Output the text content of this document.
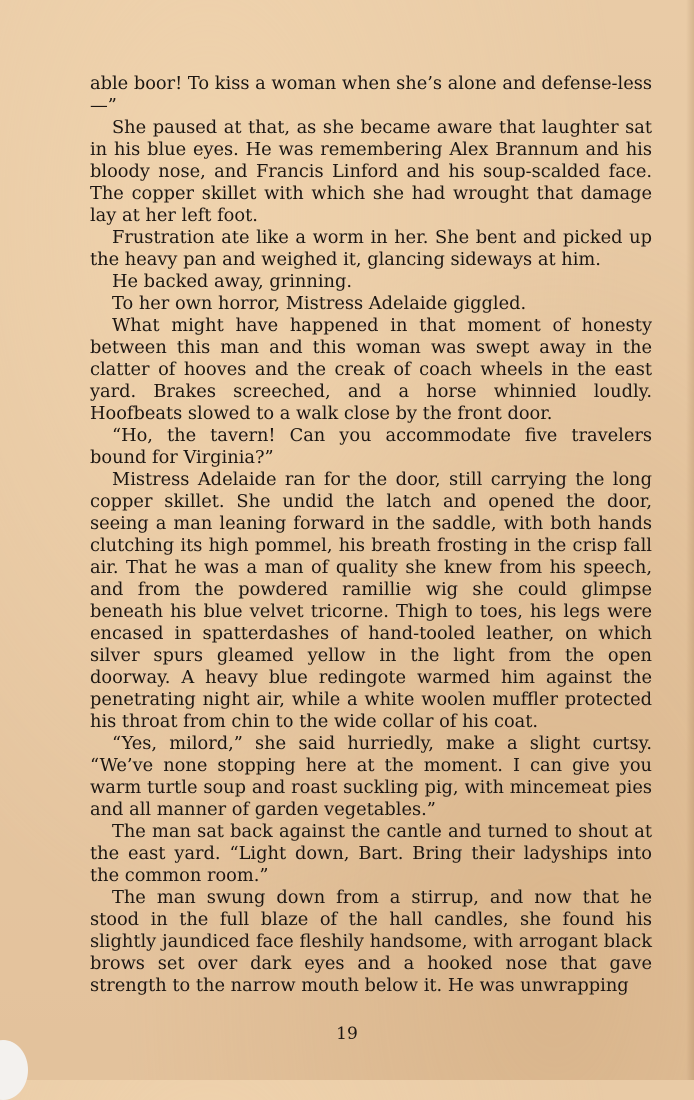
able boor! To kiss a woman when she’s alone and defense-less—”

She paused at that, as she became aware that laughter sat in his blue eyes. He was remembering Alex Brannum and his bloody nose, and Francis Linford and his soup-scalded face. The copper skillet with which she had wrought that damage lay at her left foot.

Frustration ate like a worm in her. She bent and picked up the heavy pan and weighed it, glancing sideways at him.

He backed away, grinning.

To her own horror, Mistress Adelaide giggled.

What might have happened in that moment of honesty between this man and this woman was swept away in the clatter of hooves and the creak of coach wheels in the east yard. Brakes screeched, and a horse whinnied loudly. Hoofbeats slowed to a walk close by the front door.

“Ho, the tavern! Can you accommodate five travelers bound for Virginia?”

Mistress Adelaide ran for the door, still carrying the long copper skillet. She undid the latch and opened the door, seeing a man leaning forward in the saddle, with both hands clutching its high pommel, his breath frosting in the crisp fall air. That he was a man of quality she knew from his speech, and from the powdered ramillie wig she could glimpse beneath his blue velvet tricorne. Thigh to toes, his legs were encased in spatterdashes of hand-tooled leather, on which silver spurs gleamed yellow in the light from the open doorway. A heavy blue redingote warmed him against the penetrating night air, while a white woolen muffler protected his throat from chin to the wide collar of his coat.

“Yes, milord,” she said hurriedly, make a slight curtsy. “We’ve none stopping here at the moment. I can give you warm turtle soup and roast suckling pig, with mincemeat pies and all manner of garden vegetables.”

The man sat back against the cantle and turned to shout at the east yard. “Light down, Bart. Bring their ladyships into the common room.”

The man swung down from a stirrup, and now that he stood in the full blaze of the hall candles, she found his slightly jaundiced face fleshily handsome, with arrogant black brows set over dark eyes and a hooked nose that gave strength to the narrow mouth below it. He was unwrapping

19
